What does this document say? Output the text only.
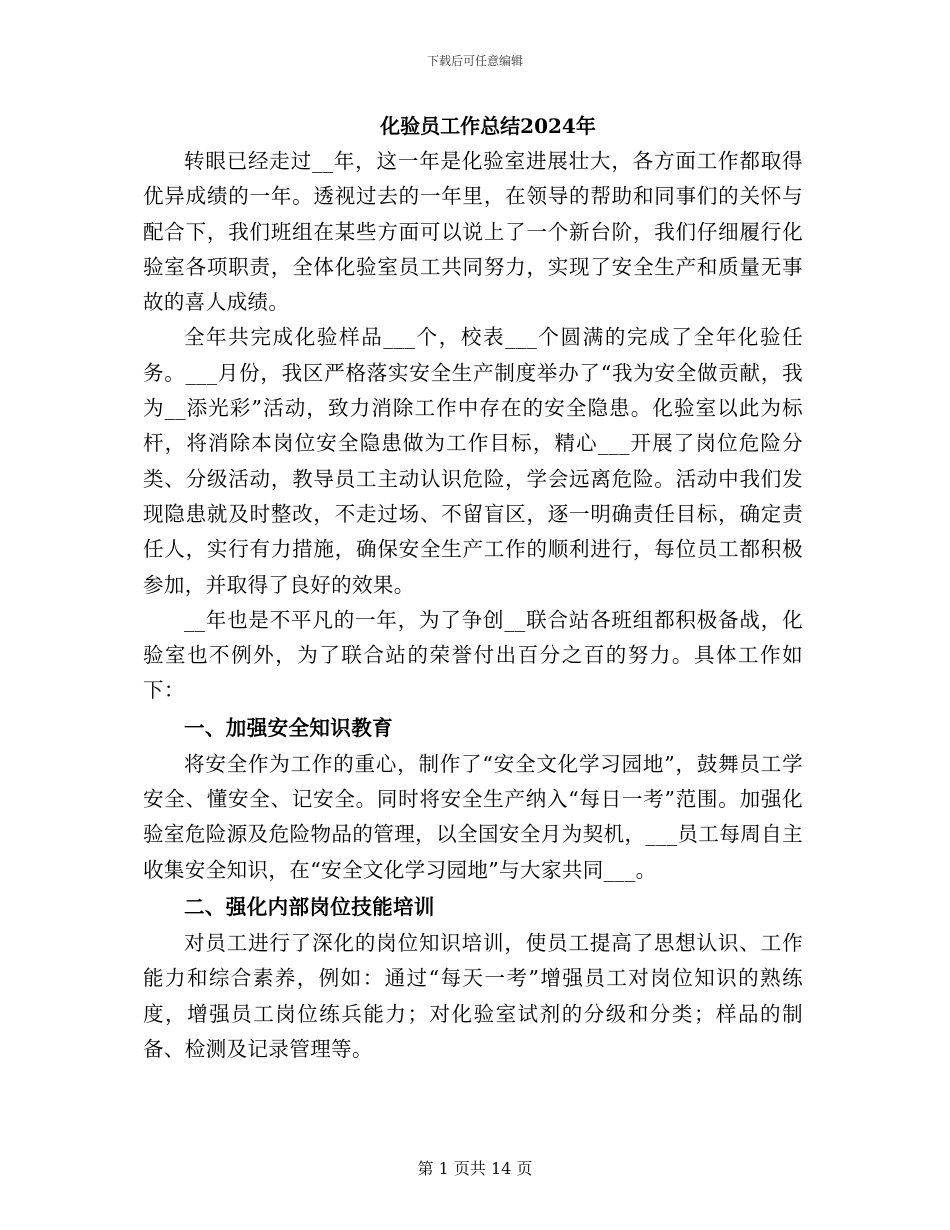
下载后可任意编辑
化验员工作总结2024年

转眼已经走过__年，这一年是化验室进展壮大，各方面工作都取得优异成绩的一年。透视过去的一年里，在领导的帮助和同事们的关怀与配合下，我们班组在某些方面可以说上了一个新台阶，我们仔细履行化验室各项职责，全体化验室员工共同努力，实现了安全生产和质量无事故的喜人成绩。

全年共完成化验样品___个，校表___个圆满的完成了全年化验任务。___月份，我区严格落实安全生产制度举办了“我为安全做贡献，我为__添光彩”活动，致力消除工作中存在的安全隐患。化验室以此为标杆，将消除本岗位安全隐患做为工作目标，精心___开展了岗位危险分类、分级活动，教导员工主动认识危险，学会远离危险。活动中我们发现隐患就及时整改，不走过场、不留盲区，逐一明确责任目标，确定责任人，实行有力措施，确保安全生产工作的顺利进行，每位员工都积极参加，并取得了良好的效果。

__年也是不平凡的一年，为了争创__联合站各班组都积极备战，化验室也不例外，为了联合站的荣誉付出百分之百的努力。具体工作如下：

一、加强安全知识教育

将安全作为工作的重心，制作了“安全文化学习园地”，鼓舞员工学安全、懂安全、记安全。同时将安全生产纳入“每日一考”范围。加强化验室危险源及危险物品的管理，以全国安全月为契机，___员工每周自主收集安全知识，在“安全文化学习园地”与大家共同___。

二、强化内部岗位技能培训

对员工进行了深化的岗位知识培训，使员工提高了思想认识、工作能力和综合素养，例如：通过“每天一考”增强员工对岗位知识的熟练度，增强员工岗位练兵能力；对化验室试剂的分级和分类；样品的制备、检测及记录管理等。

第 1 页共 14 页
